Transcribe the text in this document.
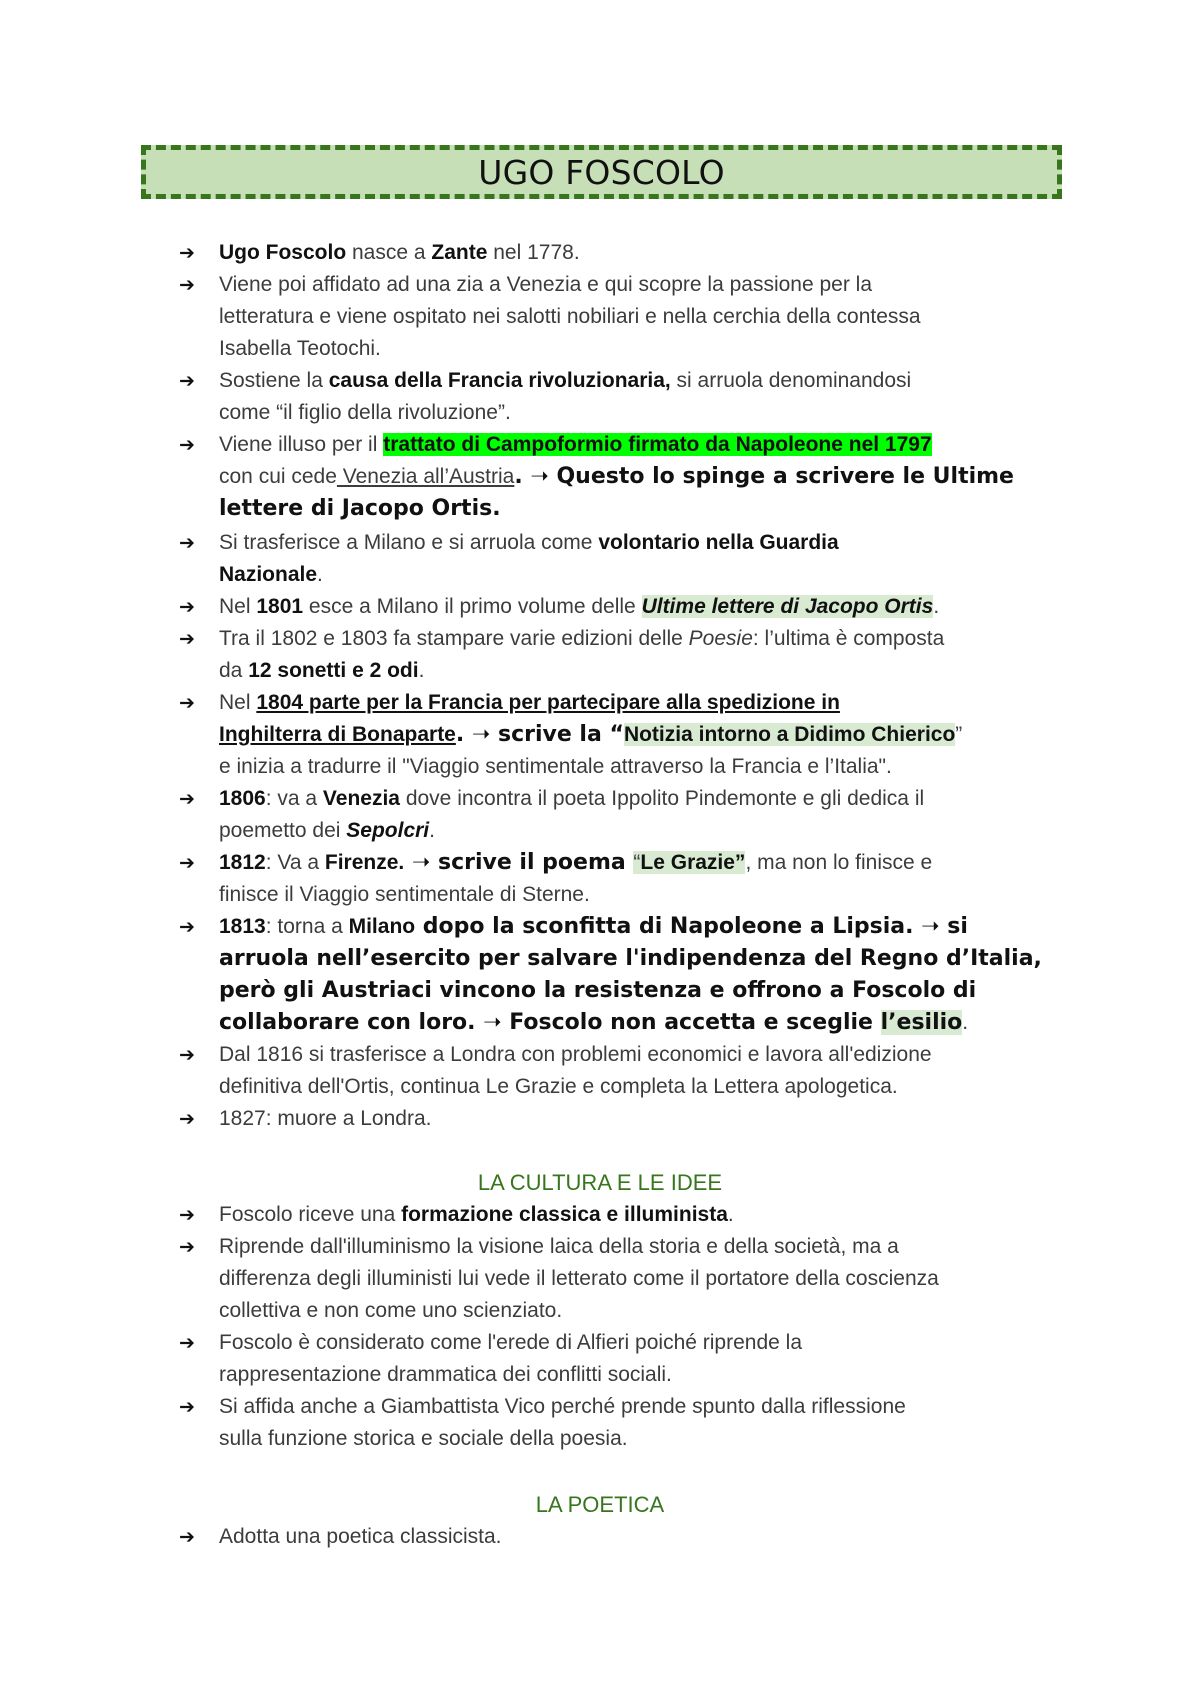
UGO FOSCOLO
➔	Ugo Foscolo nasce a Zante nel 1778.
➔	Viene poi affidato ad una zia a Venezia e qui scopre la passione per la
letteratura e viene ospitato nei salotti nobiliari e nella cerchia della contessa
Isabella Teotochi.
➔	Sostiene la causa della Francia rivoluzionaria, si arruola denominandosi
come “il figlio della rivoluzione”.
➔	Viene illuso per il trattato di Campoformio firmato da Napoleone nel 1797
con cui cede Venezia all’Austria. ➝ Questo lo spinge a scrivere le Ultime
lettere di Jacopo Ortis.
➔	Si trasferisce a Milano e si arruola come volontario nella Guardia
Nazionale.
➔	Nel 1801 esce a Milano il primo volume delle Ultime lettere di Jacopo Ortis.
➔	Tra il 1802 e 1803 fa stampare varie edizioni delle Poesie: l’ultima è composta
da 12 sonetti e 2 odi.
➔	Nel 1804 parte per la Francia per partecipare alla spedizione in
Inghilterra di Bonaparte. ➝ scrive la “Notizia intorno a Didimo Chierico”
e inizia a tradurre il "Viaggio sentimentale attraverso la Francia e l’Italia".
➔	1806: va a Venezia dove incontra il poeta Ippolito Pindemonte e gli dedica il
poemetto dei Sepolcri.
➔	1812: Va a Firenze. ➝ scrive il poema “Le Grazie”, ma non lo finisce e
finisce il Viaggio sentimentale di Sterne.
➔	1813: torna a Milano dopo la sconfitta di Napoleone a Lipsia. ➝ si
arruola nell’esercito per salvare l'indipendenza del Regno d’Italia,
però gli Austriaci vincono la resistenza e offrono a Foscolo di
collaborare con loro. ➝ Foscolo non accetta e sceglie l’esilio.
➔	Dal 1816 si trasferisce a Londra con problemi economici e lavora all'edizione
definitiva dell'Ortis, continua Le Grazie e completa la Lettera apologetica.
➔	1827: muore a Londra.
LA CULTURA E LE IDEE
➔	Foscolo riceve una formazione classica e illuminista.
➔	Riprende dall'illuminismo la visione laica della storia e della società, ma a
differenza degli illuministi lui vede il letterato come il portatore della coscienza
collettiva e non come uno scienziato.
➔	Foscolo è considerato come l'erede di Alfieri poiché riprende la
rappresentazione drammatica dei conflitti sociali.
➔	Si affida anche a Giambattista Vico perché prende spunto dalla riflessione
sulla funzione storica e sociale della poesia.
LA POETICA
➔	Adotta una poetica classicista.
